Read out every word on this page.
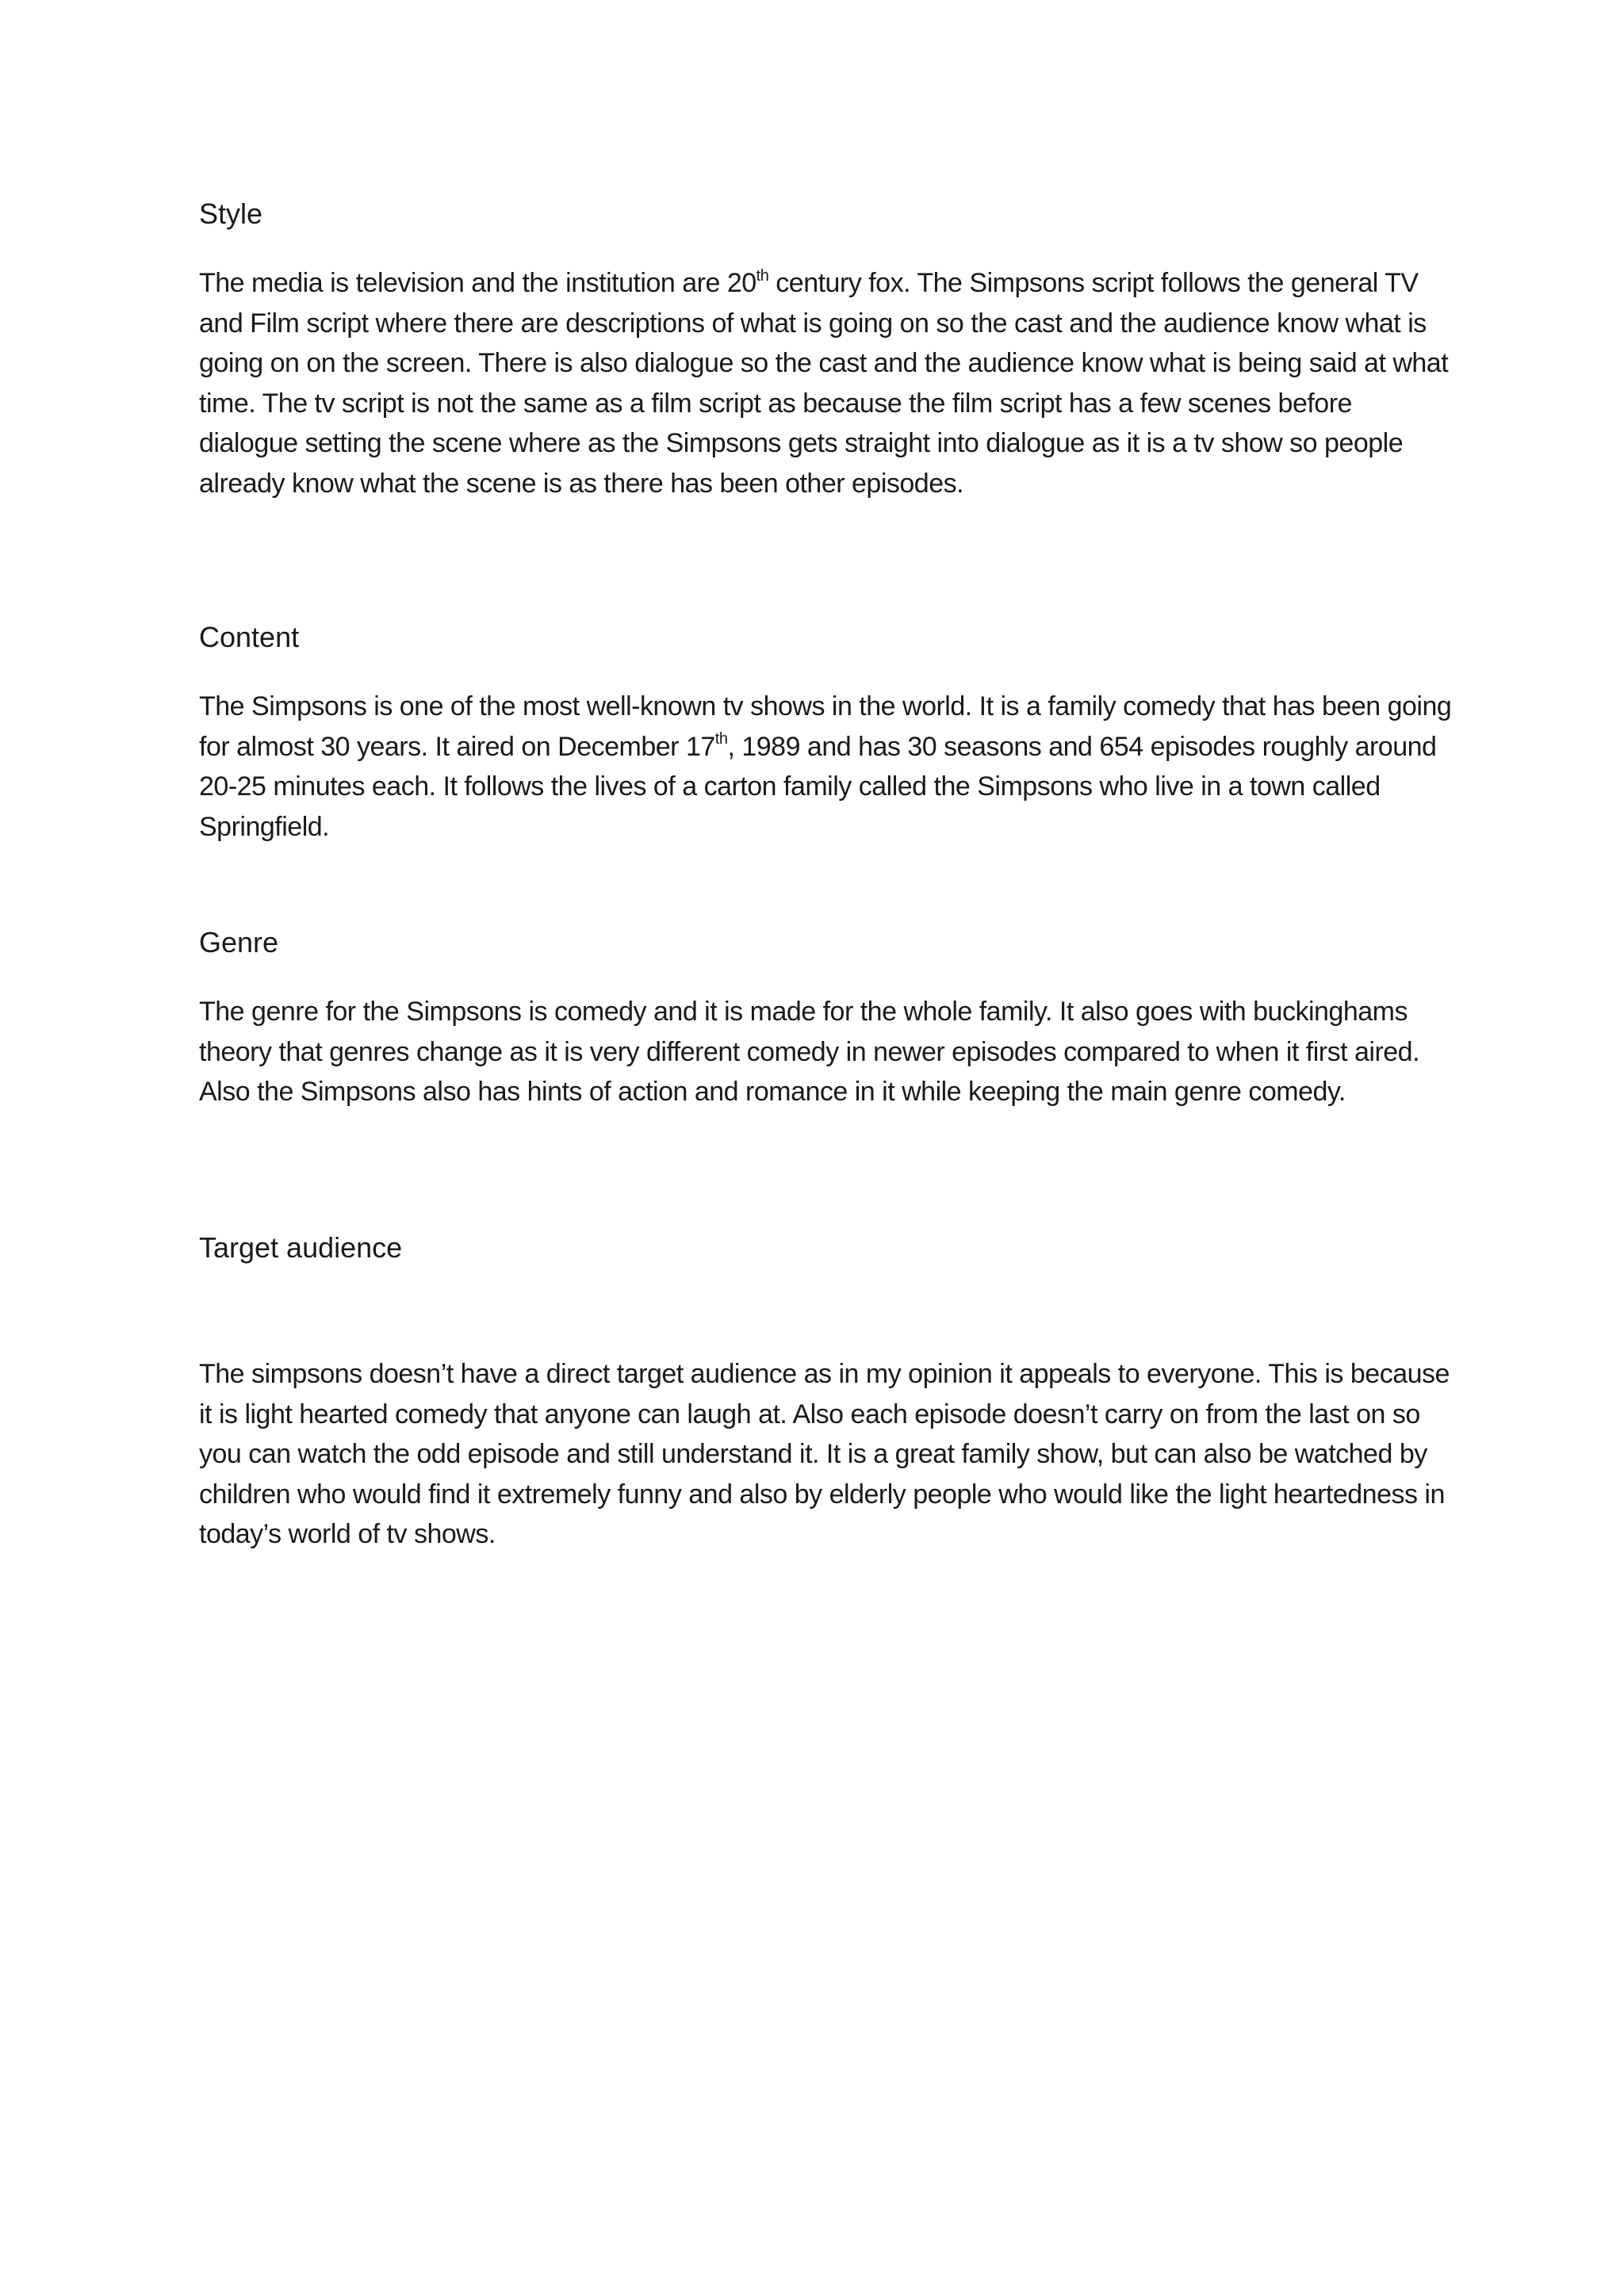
Style

The media is television and the institution are 20th century fox. The Simpsons script follows the general TV and Film script where there are descriptions of what is going on so the cast and the audience know what is going on on the screen. There is also dialogue so the cast and the audience know what is being said at what time. The tv script is not the same as a film script as because the film script has a few scenes before dialogue setting the scene where as the Simpsons gets straight into dialogue as it is a tv show so people already know what the scene is as there has been other episodes.

Content

The Simpsons is one of the most well-known tv shows in the world. It is a family comedy that has been going for almost 30 years. It aired on December 17th, 1989 and has 30 seasons and 654 episodes roughly around 20-25 minutes each. It follows the lives of a carton family called the Simpsons who live in a town called Springfield.

Genre

The genre for the Simpsons is comedy and it is made for the whole family. It also goes with buckinghams theory that genres change as it is very different comedy in newer episodes compared to when it first aired. Also the Simpsons also has hints of action and romance in it while keeping the main genre comedy.

Target audience

The simpsons doesn’t have a direct target audience as in my opinion it appeals to everyone. This is because it is light hearted comedy that anyone can laugh at. Also each episode doesn’t carry on from the last on so you can watch the odd episode and still understand it. It is a great family show, but can also be watched by children who would find it extremely funny and also by elderly people who would like the light heartedness in today’s world of tv shows.
